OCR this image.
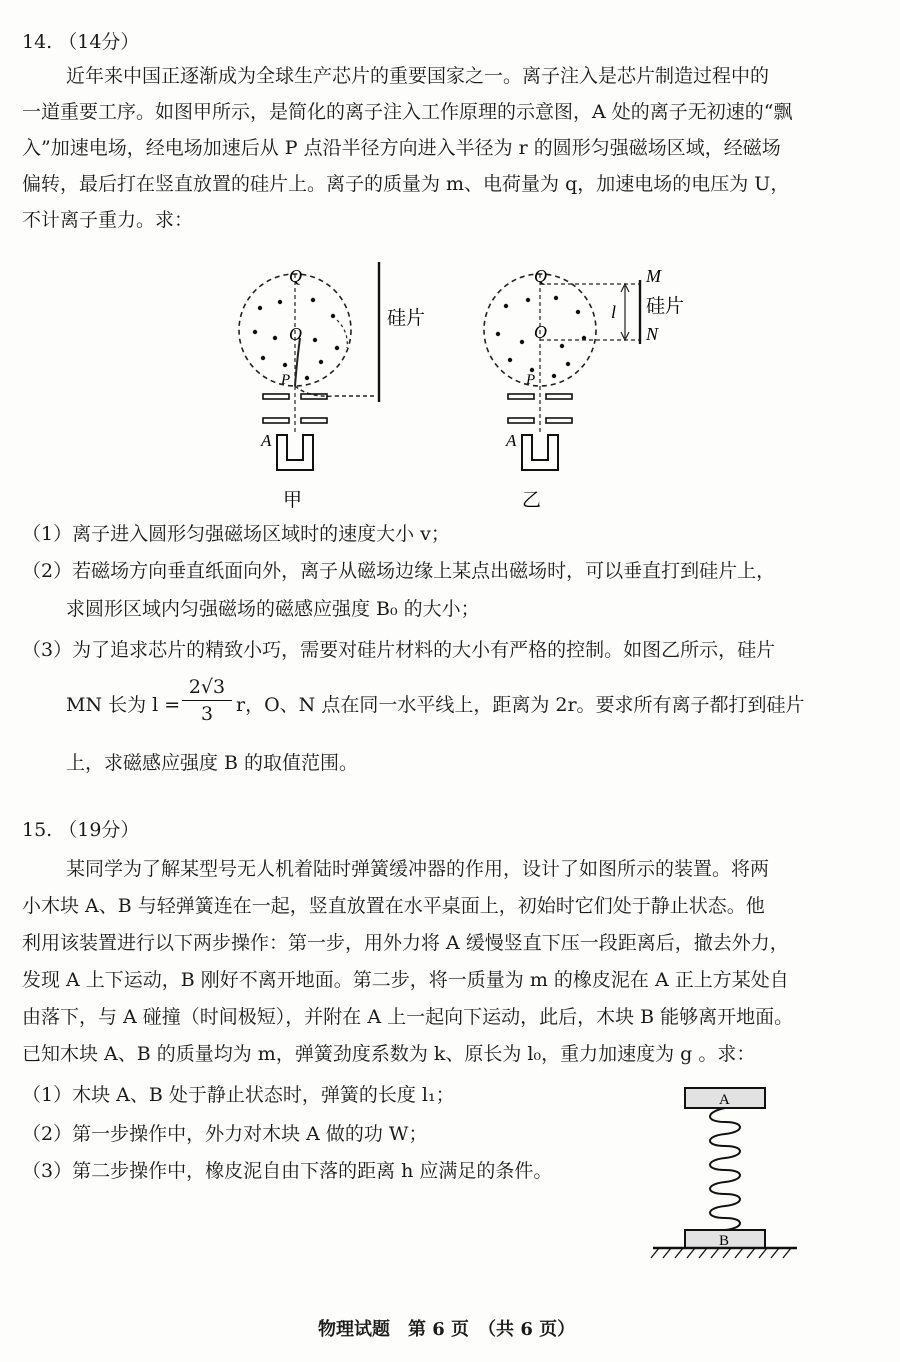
14. （14分）
近年来中国正逐渐成为全球生产芯片的重要国家之一。离子注入是芯片制造过程中的
一道重要工序。如图甲所示，是简化的离子注入工作原理的示意图，A 处的离子无初速的“飘
入”加速电场，经电场加速后从 P 点沿半径方向进入半径为 r 的圆形匀强磁场区域，经磁场
偏转，最后打在竖直放置的硅片上。离子的质量为 m、电荷量为 q，加速电场的电压为 U，
不计离子重力。求：
Q
O
P
A
硅片
甲
Q
O
P
A
M
N
l 硅片
乙
（1）离子进入圆形匀强磁场区域时的速度大小 v；
（2）若磁场方向垂直纸面向外，离子从磁场边缘上某点出磁场时，可以垂直打到硅片上，
求圆形区域内匀强磁场的磁感应强度 B₀ 的大小；
（3）为了追求芯片的精致小巧，需要对硅片材料的大小有严格的控制。如图乙所示，硅片
MN 长为 l =
2√3
3	r，O、N 点在同一水平线上，距离为 2r。要求所有离子都打到硅片
上，求磁感应强度 B 的取值范围。
15. （19分）
某同学为了解某型号无人机着陆时弹簧缓冲器的作用，设计了如图所示的装置。将两
小木块 A、B 与轻弹簧连在一起，竖直放置在水平桌面上，初始时它们处于静止状态。他
利用该装置进行以下两步操作：第一步，用外力将 A 缓慢竖直下压一段距离后，撤去外力，
发现 A 上下运动，B 刚好不离开地面。第二步，将一质量为 m 的橡皮泥在 A 正上方某处自
由落下，与 A 碰撞（时间极短），并附在 A 上一起向下运动，此后，木块 B 能够离开地面。
已知木块 A、B 的质量均为 m，弹簧劲度系数为 k、原长为 l₀，重力加速度为 g 。求：
（1）木块 A、B 处于静止状态时，弹簧的长度 l₁；
（2）第一步操作中，外力对木块 A 做的功 W；
（3）第二步操作中，橡皮泥自由下落的距离 h 应满足的条件。
A
B
物理试题　第 6 页　（共 6 页）
